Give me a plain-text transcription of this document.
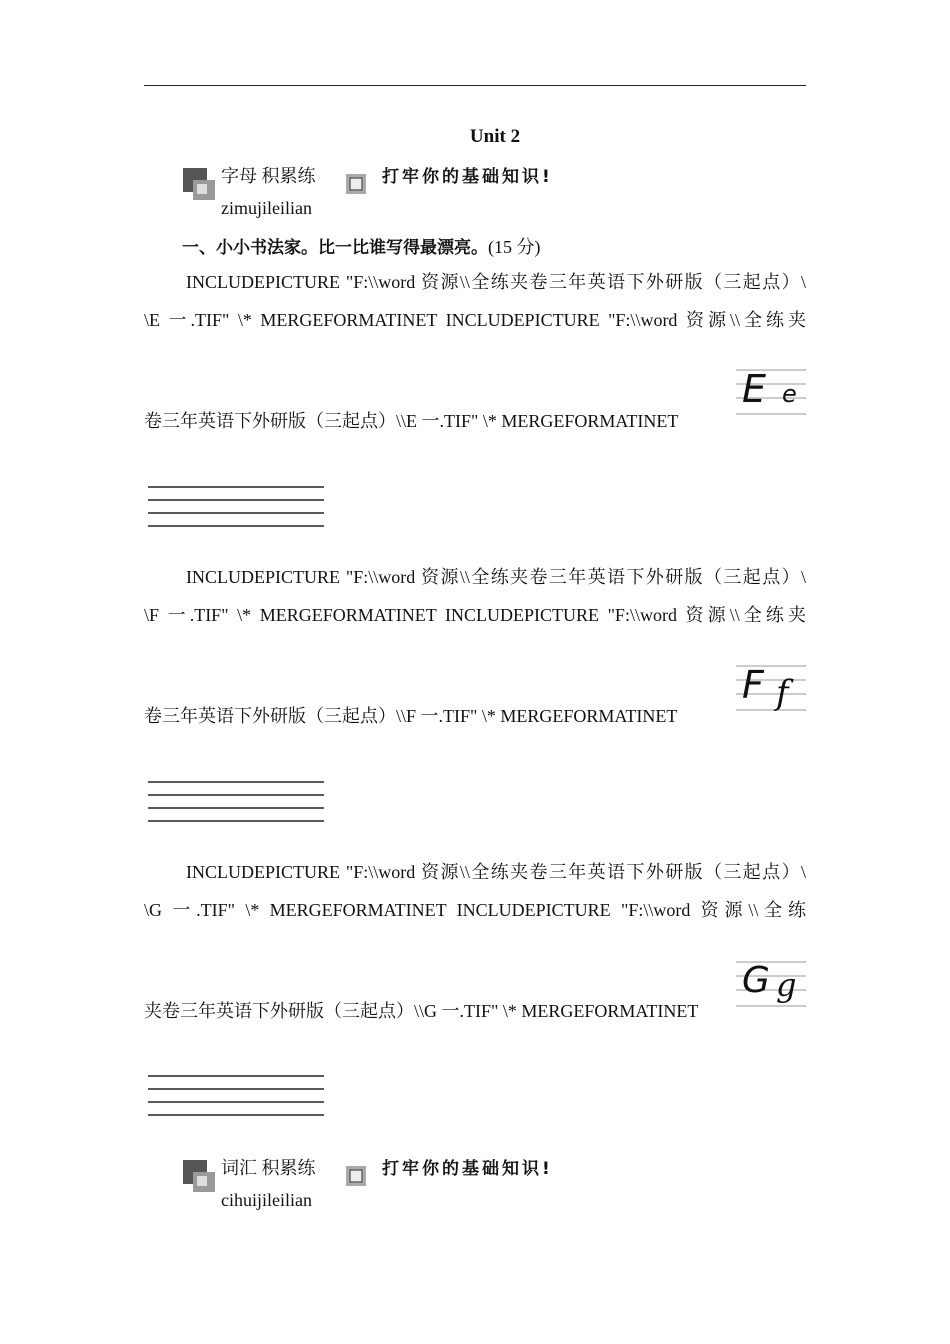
Unit 2
字母 积累练
zimujileilian
打牢你的基础知识!
一、小小书法家。比一比谁写得最漂亮。(15 分)
INCLUDEPICTURE "F:\\word 资源\\全练夹卷三年英语下外研版（三起点）\
\E 一.TIF" \* MERGEFORMATINET INCLUDEPICTURE "F:\\word 资源\\全练夹
卷三年英语下外研版（三起点）\\E 一.TIF" \* MERGEFORMATINET
E e
INCLUDEPICTURE "F:\\word 资源\\全练夹卷三年英语下外研版（三起点）\
\F 一.TIF" \* MERGEFORMATINET INCLUDEPICTURE "F:\\word 资源\\全练夹
卷三年英语下外研版（三起点）\\F 一.TIF" \* MERGEFORMATINET
F f
INCLUDEPICTURE "F:\\word 资源\\全练夹卷三年英语下外研版（三起点）\
\G 一.TIF" \* MERGEFORMATINET INCLUDEPICTURE "F:\\word 资源\\全练
夹卷三年英语下外研版（三起点）\\G 一.TIF" \* MERGEFORMATINET
G g
词汇 积累练
cihuijileilian
打牢你的基础知识!
